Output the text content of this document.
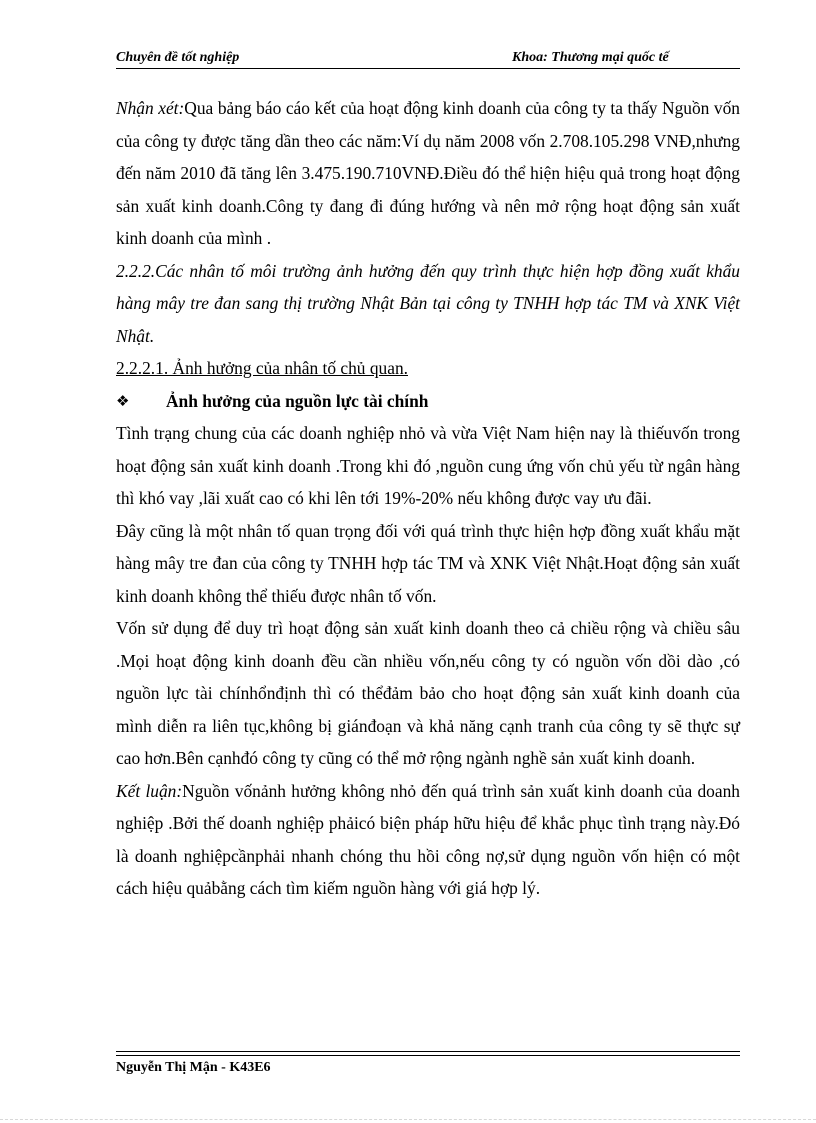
Chuyên đề tốt nghiệp	Khoa: Thương mại quốc tế

Nhận xét:Qua bảng báo cáo kết của hoạt động kinh doanh của công ty ta thấy Nguồn vốn của công ty được tăng dần theo các năm:Ví dụ năm 2008 vốn 2.708.105.298 VNĐ,nhưng đến năm 2010 đã tăng lên 3.475.190.710VNĐ.Điều đó thể hiện hiệu quả trong hoạt động sản xuất kinh doanh.Công ty đang đi đúng hướng và nên mở rộng hoạt động sản xuất kinh doanh của mình .

2.2.2.Các nhân tố môi trường ảnh hưởng đến quy trình thực hiện hợp đồng xuất khẩu hàng mây tre đan sang thị trường Nhật Bản tại công ty TNHH hợp tác TM và XNK Việt Nhật.

2.2.2.1. Ảnh hưởng của nhân tố chủ quan.

❖ Ảnh hưởng của nguồn lực tài chính

Tình trạng chung của các doanh nghiệp nhỏ và vừa Việt Nam hiện nay là thiếuvốn trong hoạt động sản xuất kinh doanh .Trong khi đó ,nguồn cung ứng vốn chủ yếu từ ngân hàng thì khó vay ,lãi xuất cao có khi lên tới 19%-20% nếu không được vay ưu đãi.

Đây cũng là một nhân tố quan trọng đối với quá trình thực hiện hợp đồng xuất khẩu mặt hàng mây tre đan của công ty TNHH hợp tác TM và XNK Việt Nhật.Hoạt động sản xuất kinh doanh không thể thiếu được nhân tố vốn.

Vốn sử dụng để duy trì hoạt động sản xuất kinh doanh theo cả chiều rộng và chiều sâu .Mọi hoạt động kinh doanh đều cần nhiều vốn,nếu công ty có nguồn vốn dồi dào ,có nguồn lực tài chínhổnđịnh thì có thểđảm bảo cho hoạt động sản xuất kinh doanh của mình diễn ra liên tục,không bị giánđoạn và khả năng cạnh tranh của công ty sẽ thực sự cao hơn.Bên cạnhđó công ty cũng có thể mở rộng ngành nghề sản xuất kinh doanh.

Kết luận:Nguồn vốnảnh hưởng không nhỏ đến quá trình sản xuất kinh doanh của doanh nghiệp .Bởi thế doanh nghiệp phảicó biện pháp hữu hiệu để khắc phục tình trạng này.Đó là doanh nghiệpcầnphải nhanh chóng thu hồi công nợ,sử dụng nguồn vốn hiện có một cách hiệu quảbằng cách tìm kiếm nguồn hàng với giá hợp lý.

Nguyễn Thị Mận - K43E6
